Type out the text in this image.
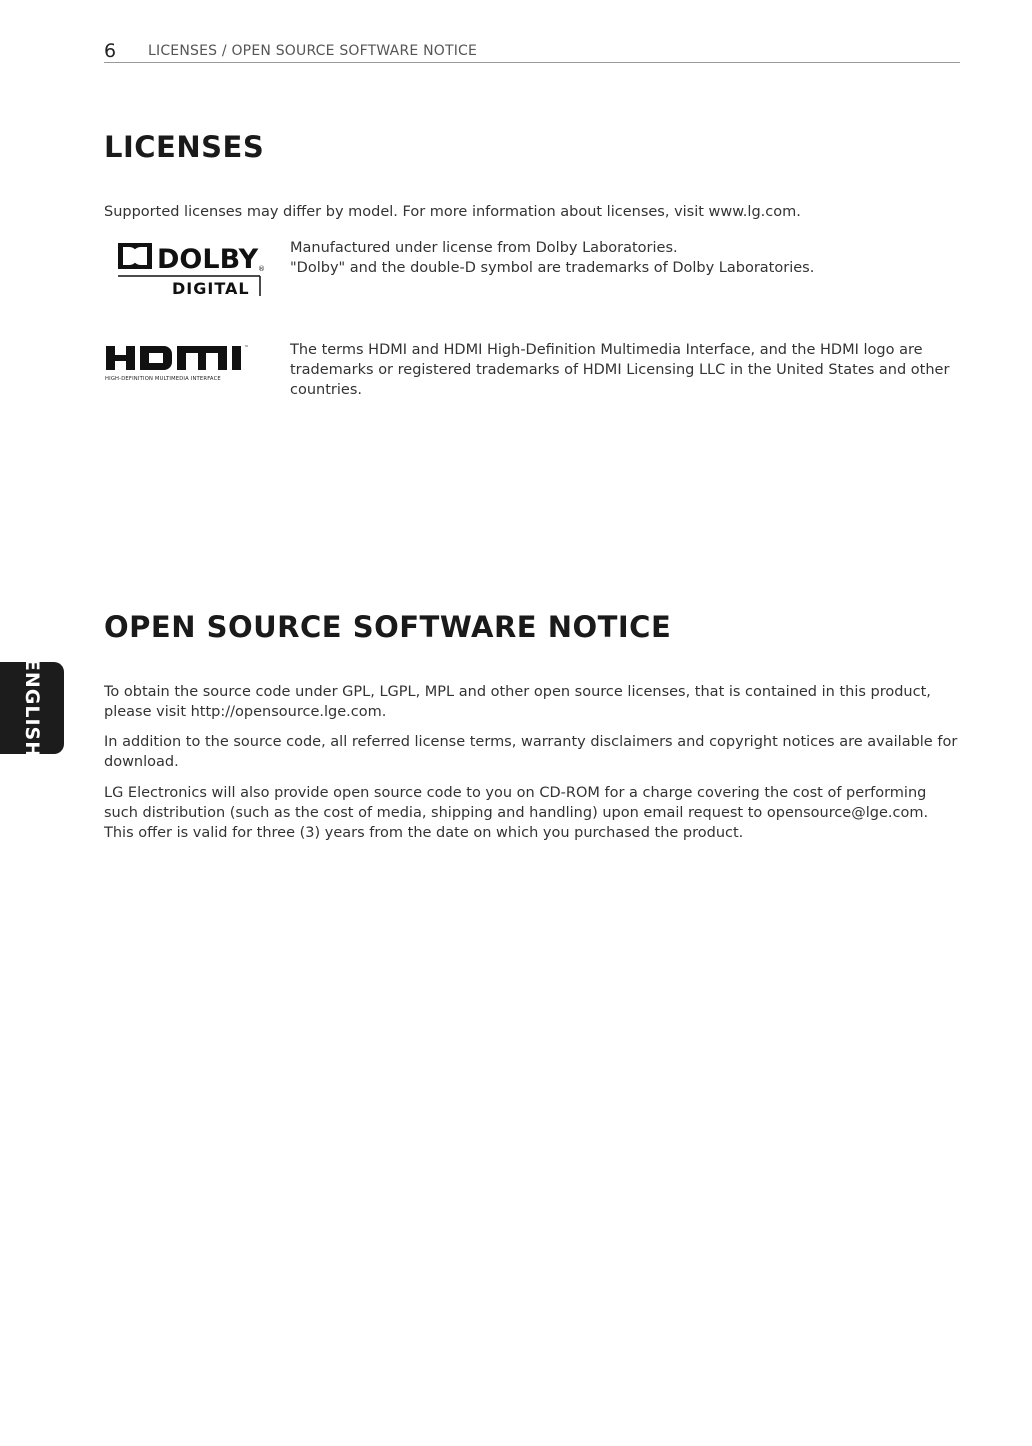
6 LICENSES / OPEN SOURCE SOFTWARE NOTICE
LICENSES

Supported licenses may differ by model. For more information about licenses, visit www.lg.com.

DOLBY ®
DIGITAL

Manufactured under license from Dolby Laboratories.
"Dolby" and the double-D symbol are trademarks of Dolby Laboratories.

™
HIGH-DEFINITION MULTIMEDIA INTERFACE

The terms HDMI and HDMI High-Definition Multimedia Interface, and the HDMI logo are trademarks or registered trademarks of HDMI Licensing LLC in the United States and other countries.

OPEN SOURCE SOFTWARE NOTICE

To obtain the source code under GPL, LGPL, MPL and other open source licenses, that is contained in this product, please visit http://opensource.lge.com.

In addition to the source code, all referred license terms, warranty disclaimers and copyright notices are available for download.

LG Electronics will also provide open source code to you on CD-ROM for a charge covering the cost of performing such distribution (such as the cost of media, shipping and handling) upon email request to opensource@lge.com. This offer is valid for three (3) years from the date on which you purchased the product.

ENGLISH
